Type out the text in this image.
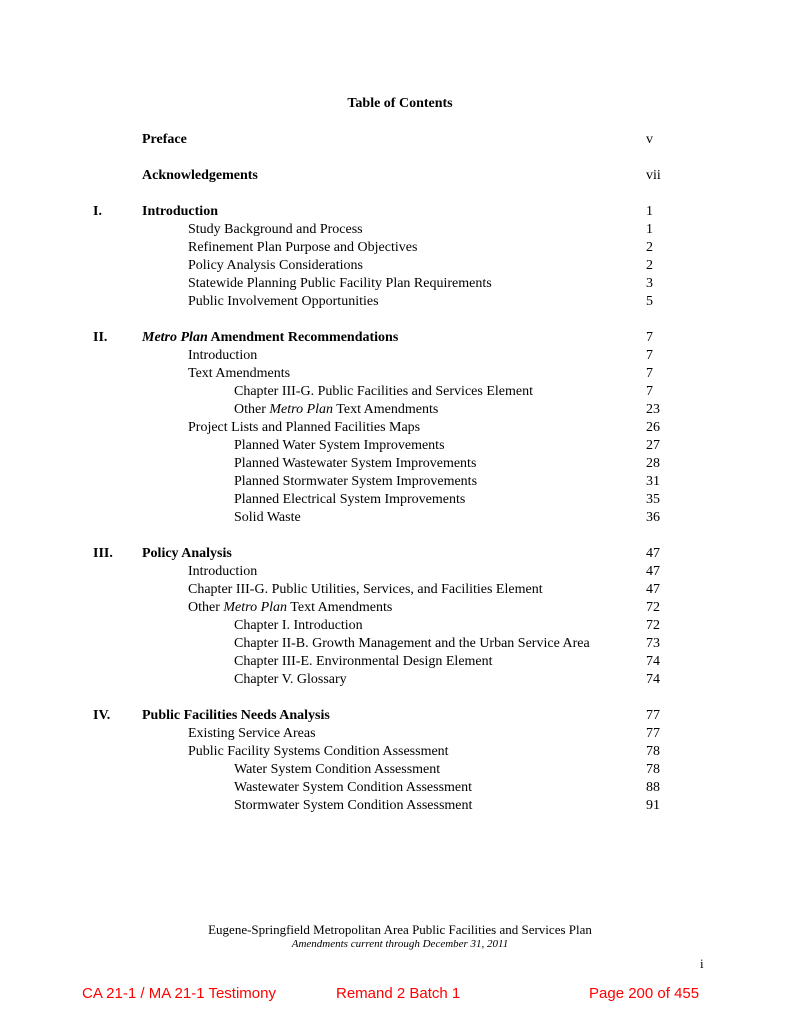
Table of Contents
Preface	v
Acknowledgements	vii
I.	Introduction	1
Study Background and Process	1
Refinement Plan Purpose and Objectives	2
Policy Analysis Considerations	2
Statewide Planning Public Facility Plan Requirements	3
Public Involvement Opportunities	5
II. Metro Plan Amendment Recommendations	7
Introduction	7
Text Amendments	7
Chapter III-G. Public Facilities and Services Element	7
Other Metro Plan Text Amendments	23
Project Lists and Planned Facilities Maps	26
Planned Water System Improvements	27
Planned Wastewater System Improvements	28
Planned Stormwater System Improvements	31
Planned Electrical System Improvements	35
Solid Waste	36
III. Policy Analysis	47
Introduction	47
Chapter III-G. Public Utilities, Services, and Facilities Element	47
Other Metro Plan Text Amendments	72
Chapter I. Introduction	72
Chapter II-B. Growth Management and the Urban Service Area	73
Chapter III-E. Environmental Design Element	74
Chapter V. Glossary	74
IV. Public Facilities Needs Analysis	77
Existing Service Areas	77
Public Facility Systems Condition Assessment	78
Water System Condition Assessment	78
Wastewater System Condition Assessment	88
Stormwater System Condition Assessment	91
Eugene-Springfield Metropolitan Area Public Facilities and Services Plan
Amendments current through December 31, 2011
i
CA 21-1 / MA 21-1 Testimony	Remand 2 Batch 1	Page 200 of 455
